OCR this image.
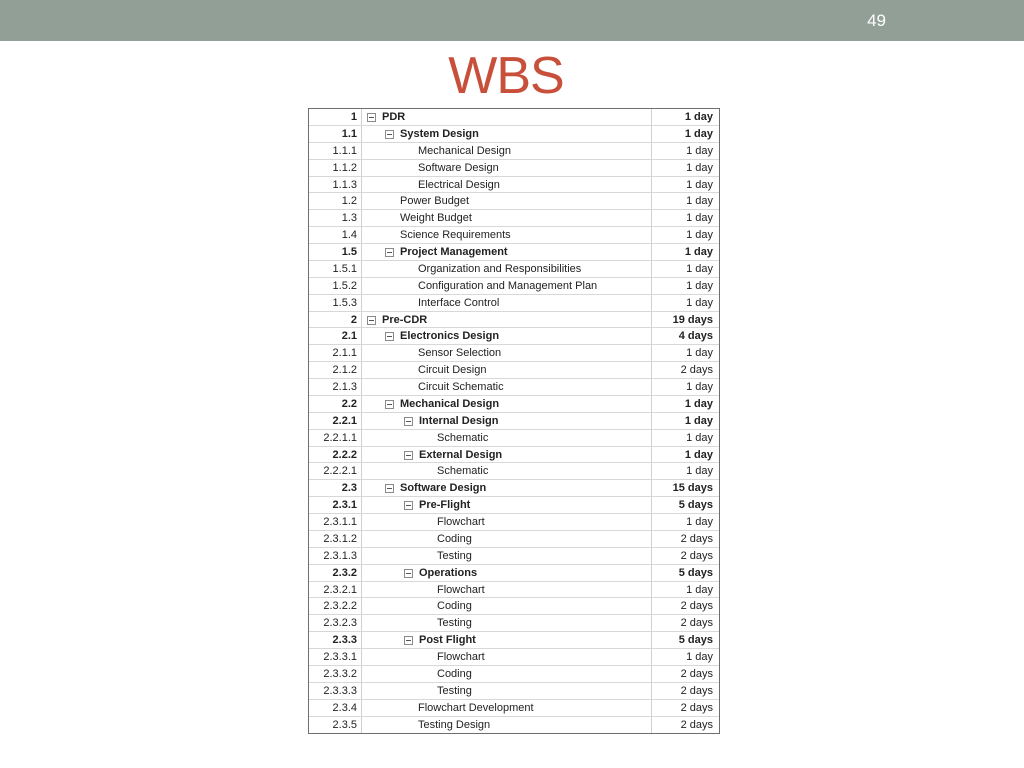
49
WBS
1	PDR	1 day
1.1	System Design	1 day
1.1.1	Mechanical Design	1 day
1.1.2	Software Design	1 day
1.1.3	Electrical Design	1 day
1.2	Power Budget	1 day
1.3	Weight Budget	1 day
1.4	Science Requirements	1 day
1.5	Project Management	1 day
1.5.1	Organization and Responsibilities	1 day
1.5.2	Configuration and Management Plan	1 day
1.5.3	Interface Control	1 day
2	Pre-CDR	19 days
2.1	Electronics Design	4 days
2.1.1	Sensor Selection	1 day
2.1.2	Circuit Design	2 days
2.1.3	Circuit Schematic	1 day
2.2	Mechanical Design	1 day
2.2.1	Internal Design	1 day
2.2.1.1	Schematic	1 day
2.2.2	External Design	1 day
2.2.2.1	Schematic	1 day
2.3	Software Design	15 days
2.3.1	Pre-Flight	5 days
2.3.1.1	Flowchart	1 day
2.3.1.2	Coding	2 days
2.3.1.3	Testing	2 days
2.3.2	Operations	5 days
2.3.2.1	Flowchart	1 day
2.3.2.2	Coding	2 days
2.3.2.3	Testing	2 days
2.3.3	Post Flight	5 days
2.3.3.1	Flowchart	1 day
2.3.3.2	Coding	2 days
2.3.3.3	Testing	2 days
2.3.4	Flowchart Development	2 days
2.3.5	Testing Design	2 days
